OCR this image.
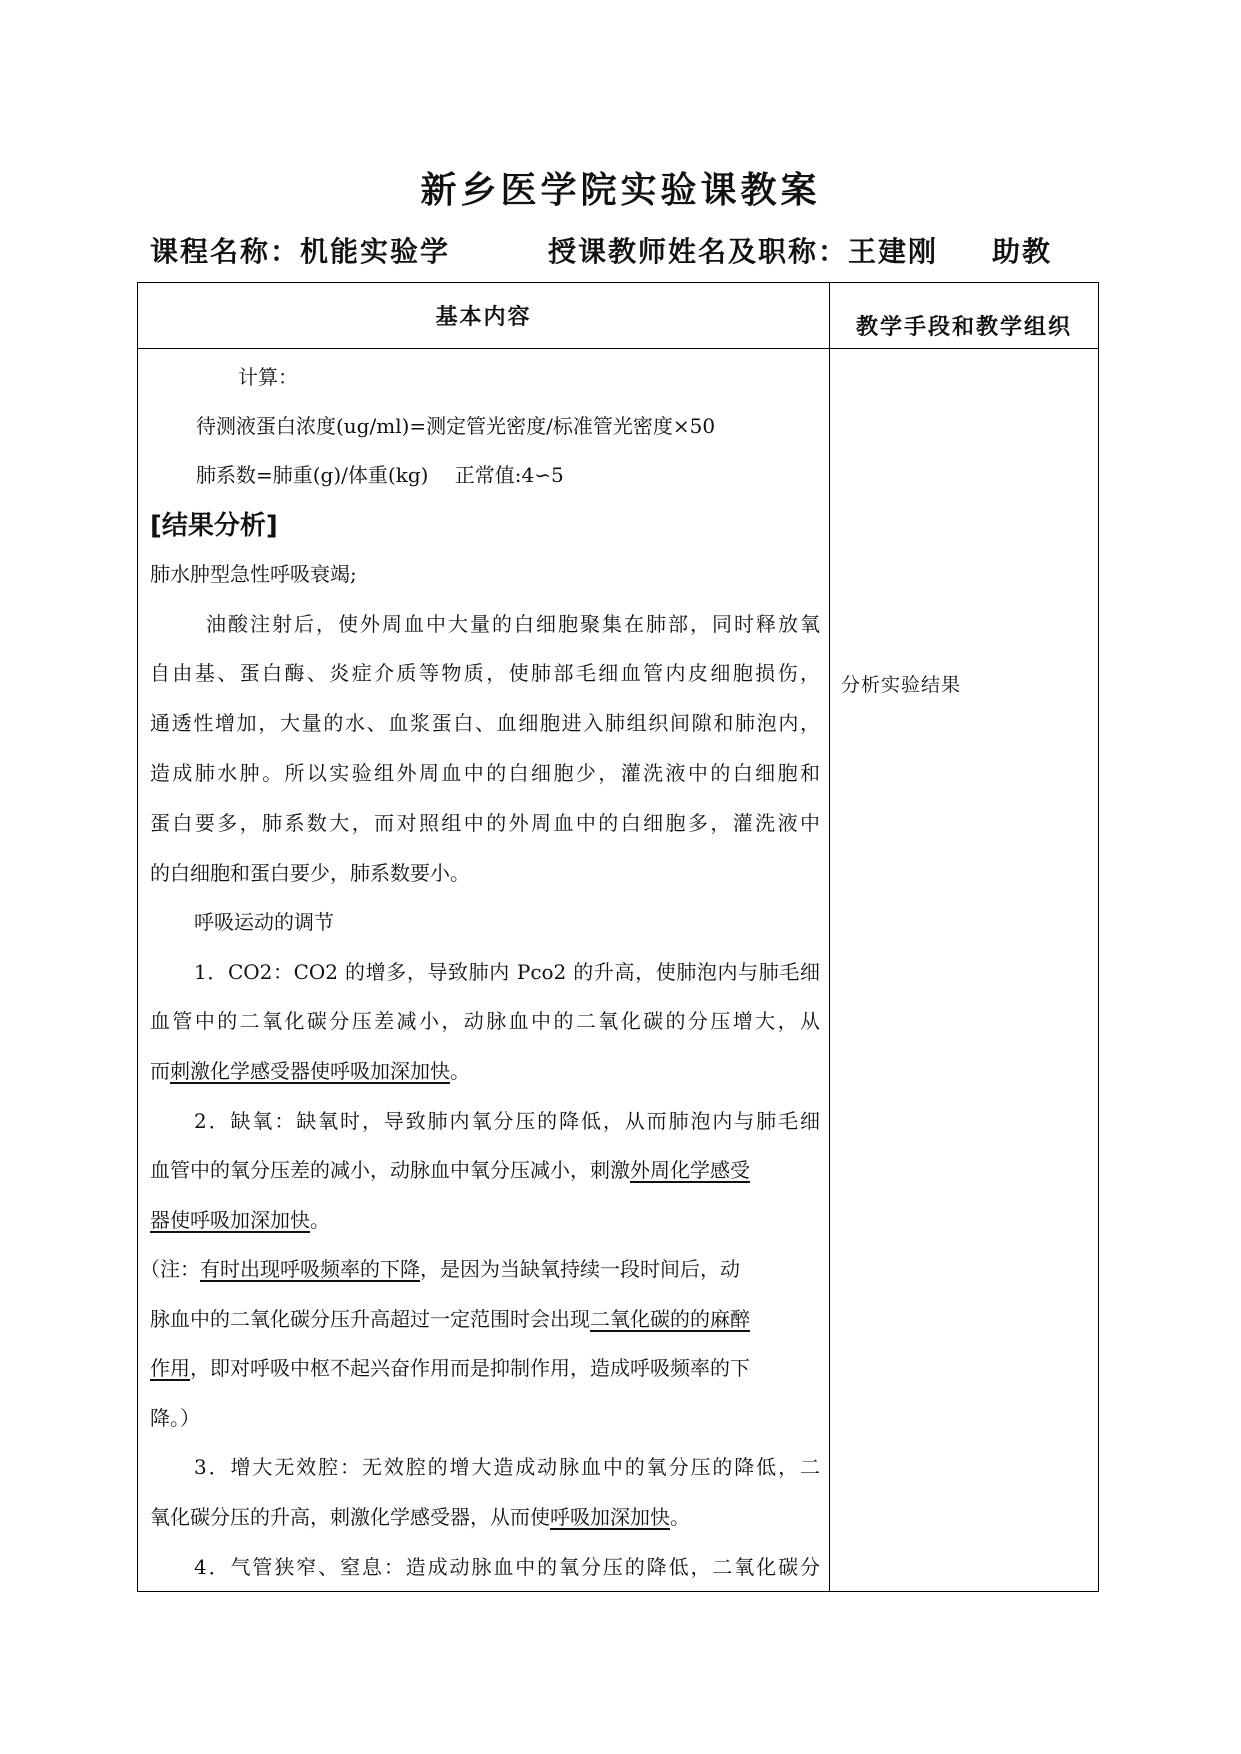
新乡医学院实验课教案
课程名称：机能实验学	授课教师姓名及职称：王建刚 助教
基本内容	教学手段和教学组织
分析实验结果
计算：
待测液蛋白浓度(ug/ml)=测定管光密度/标准管光密度×50
肺系数=肺重(g)/体重(kg)　 正常值:4∽5
[结果分析]
肺水肿型急性呼吸衰竭;
油酸注射后，使外周血中大量的白细胞聚集在肺部，同时释放氧
自由基、蛋白酶、炎症介质等物质，使肺部毛细血管内皮细胞损伤，
通透性增加，大量的水、血浆蛋白、血细胞进入肺组织间隙和肺泡内，
造成肺水肿。所以实验组外周血中的白细胞少，灌洗液中的白细胞和
蛋白要多，肺系数大，而对照组中的外周血中的白细胞多，灌洗液中
的白细胞和蛋白要少，肺系数要小。
呼吸运动的调节
1．CO2：CO2 的增多，导致肺内 Pco2 的升高，使肺泡内与肺毛细
血管中的二氧化碳分压差减小，动脉血中的二氧化碳的分压增大，从
而刺激化学感受器使呼吸加深加快。
2．缺氧：缺氧时，导致肺内氧分压的降低，从而肺泡内与肺毛细
血管中的氧分压差的减小，动脉血中氧分压减小，刺激外周化学感受
器使呼吸加深加快。
（注：有时出现呼吸频率的下降，是因为当缺氧持续一段时间后，动
脉血中的二氧化碳分压升高超过一定范围时会出现二氧化碳的的麻醉
作用，即对呼吸中枢不起兴奋作用而是抑制作用，造成呼吸频率的下
降。）
3．增大无效腔：无效腔的增大造成动脉血中的氧分压的降低，二
氧化碳分压的升高，刺激化学感受器，从而使呼吸加深加快。
4．气管狭窄、窒息：造成动脉血中的氧分压的降低，二氧化碳分
